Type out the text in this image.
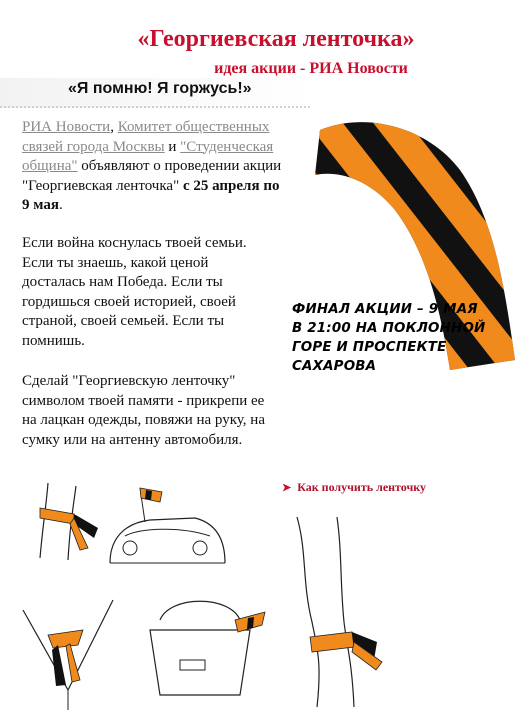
«Георгиевская ленточка»
идея акции - РИА Новости
«Я помню! Я горжусь!»
РИА Новости, Комитет общественных связей города Москвы и "Студенческая община" объявляют о проведении акции "Георгиевская ленточка" с 25 апреля по 9 мая.
Если война коснулась твоей семьи. Если ты знаешь, какой ценой досталась нам Победа. Если ты гордишься своей историей, своей страной, своей семьей. Если ты помнишь.
Сделай "Георгиевскую ленточку" символом твоей памяти - прикрепи ее на лацкан одежды, повяжи на руку, на сумку или на антенну автомобиля.
ФИНАЛ АКЦИИ – 9 МАЯ
В 21:00 НА ПОКЛОННОЙ
ГОРЕ И ПРОСПЕКТЕ САХАРОВА
➤ Как получить ленточку
